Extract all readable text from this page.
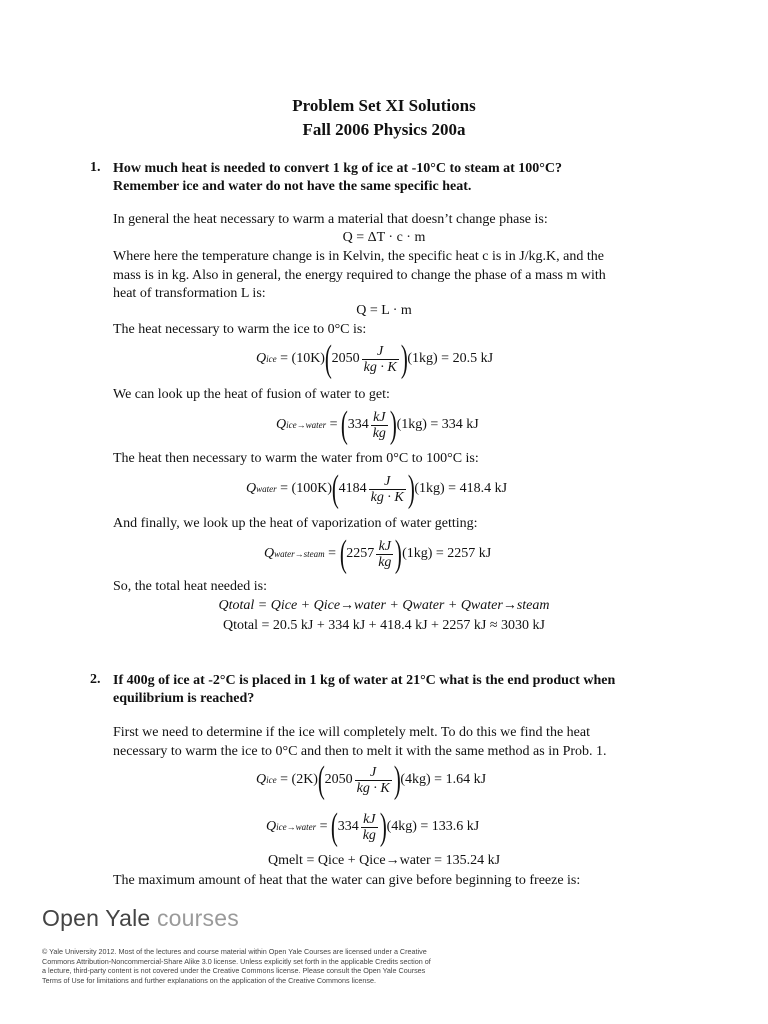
Problem Set XI Solutions
Fall 2006 Physics 200a
1. How much heat is needed to convert 1 kg of ice at -10°C to steam at 100°C?
Remember ice and water do not have the same specific heat.
In general the heat necessary to warm a material that doesn’t change phase is:
Q = ΔT · c · m
Where here the temperature change is in Kelvin, the specific heat c is in J/kg.K, and the
mass is in kg. Also in general, the energy required to change the phase of a mass m with
heat of transformation L is:
Q = L · m
The heat necessary to warm the ice to 0°C is:
Q ice = (10K) ( $2050 \frac{J}{kg \cdot K}$ ) (1kg) = 20.5 kJ
We can look up the heat of fusion of water to get:
Q ice→water = ( $334 \frac{kJ}{kg}$ ) (1kg) = 334 kJ
The heat then necessary to warm the water from 0°C to 100°C is:
Q water = (100K) ( $4184 \frac{J}{kg \cdot K}$ ) (1kg) = 418.4 kJ
And finally, we look up the heat of vaporization of water getting:
Q water→steam = ( $2257 \frac{kJ}{kg}$ ) (1kg) = 2257 kJ
So, the total heat needed is:
Qtotal = Qice + Qice→water + Qwater + Qwater→steam
Qtotal = 20.5 kJ + 334 kJ + 418.4 kJ + 2257 kJ ≈ 3030 kJ
2. If 400g of ice at -2°C is placed in 1 kg of water at 21°C what is the end product when
equilibrium is reached?
First we need to determine if the ice will completely melt. To do this we find the heat
necessary to warm the ice to 0°C and then to melt it with the same method as in Prob. 1.
Q ice = (2K) ( $2050 \frac{J}{kg \cdot K}$ ) (4kg) = 1.64 kJ
Q ice→water = ( $334 \frac{kJ}{kg}$ ) (4kg) = 133.6 kJ
Qmelt = Qice + Qice→water = 135.24 kJ
The maximum amount of heat that the water can give before beginning to freeze is:
Open Yale courses
© Yale University 2012. Most of the lectures and course material within Open Yale Courses are licensed under a Creative Commons Attribution-Noncommercial-Share Alike 3.0 license. Unless explicitly set forth in the applicable Credits section of a lecture, third-party content is not covered under the Creative Commons license. Please consult the Open Yale Courses Terms of Use for limitations and further explanations on the application of the Creative Commons license.
